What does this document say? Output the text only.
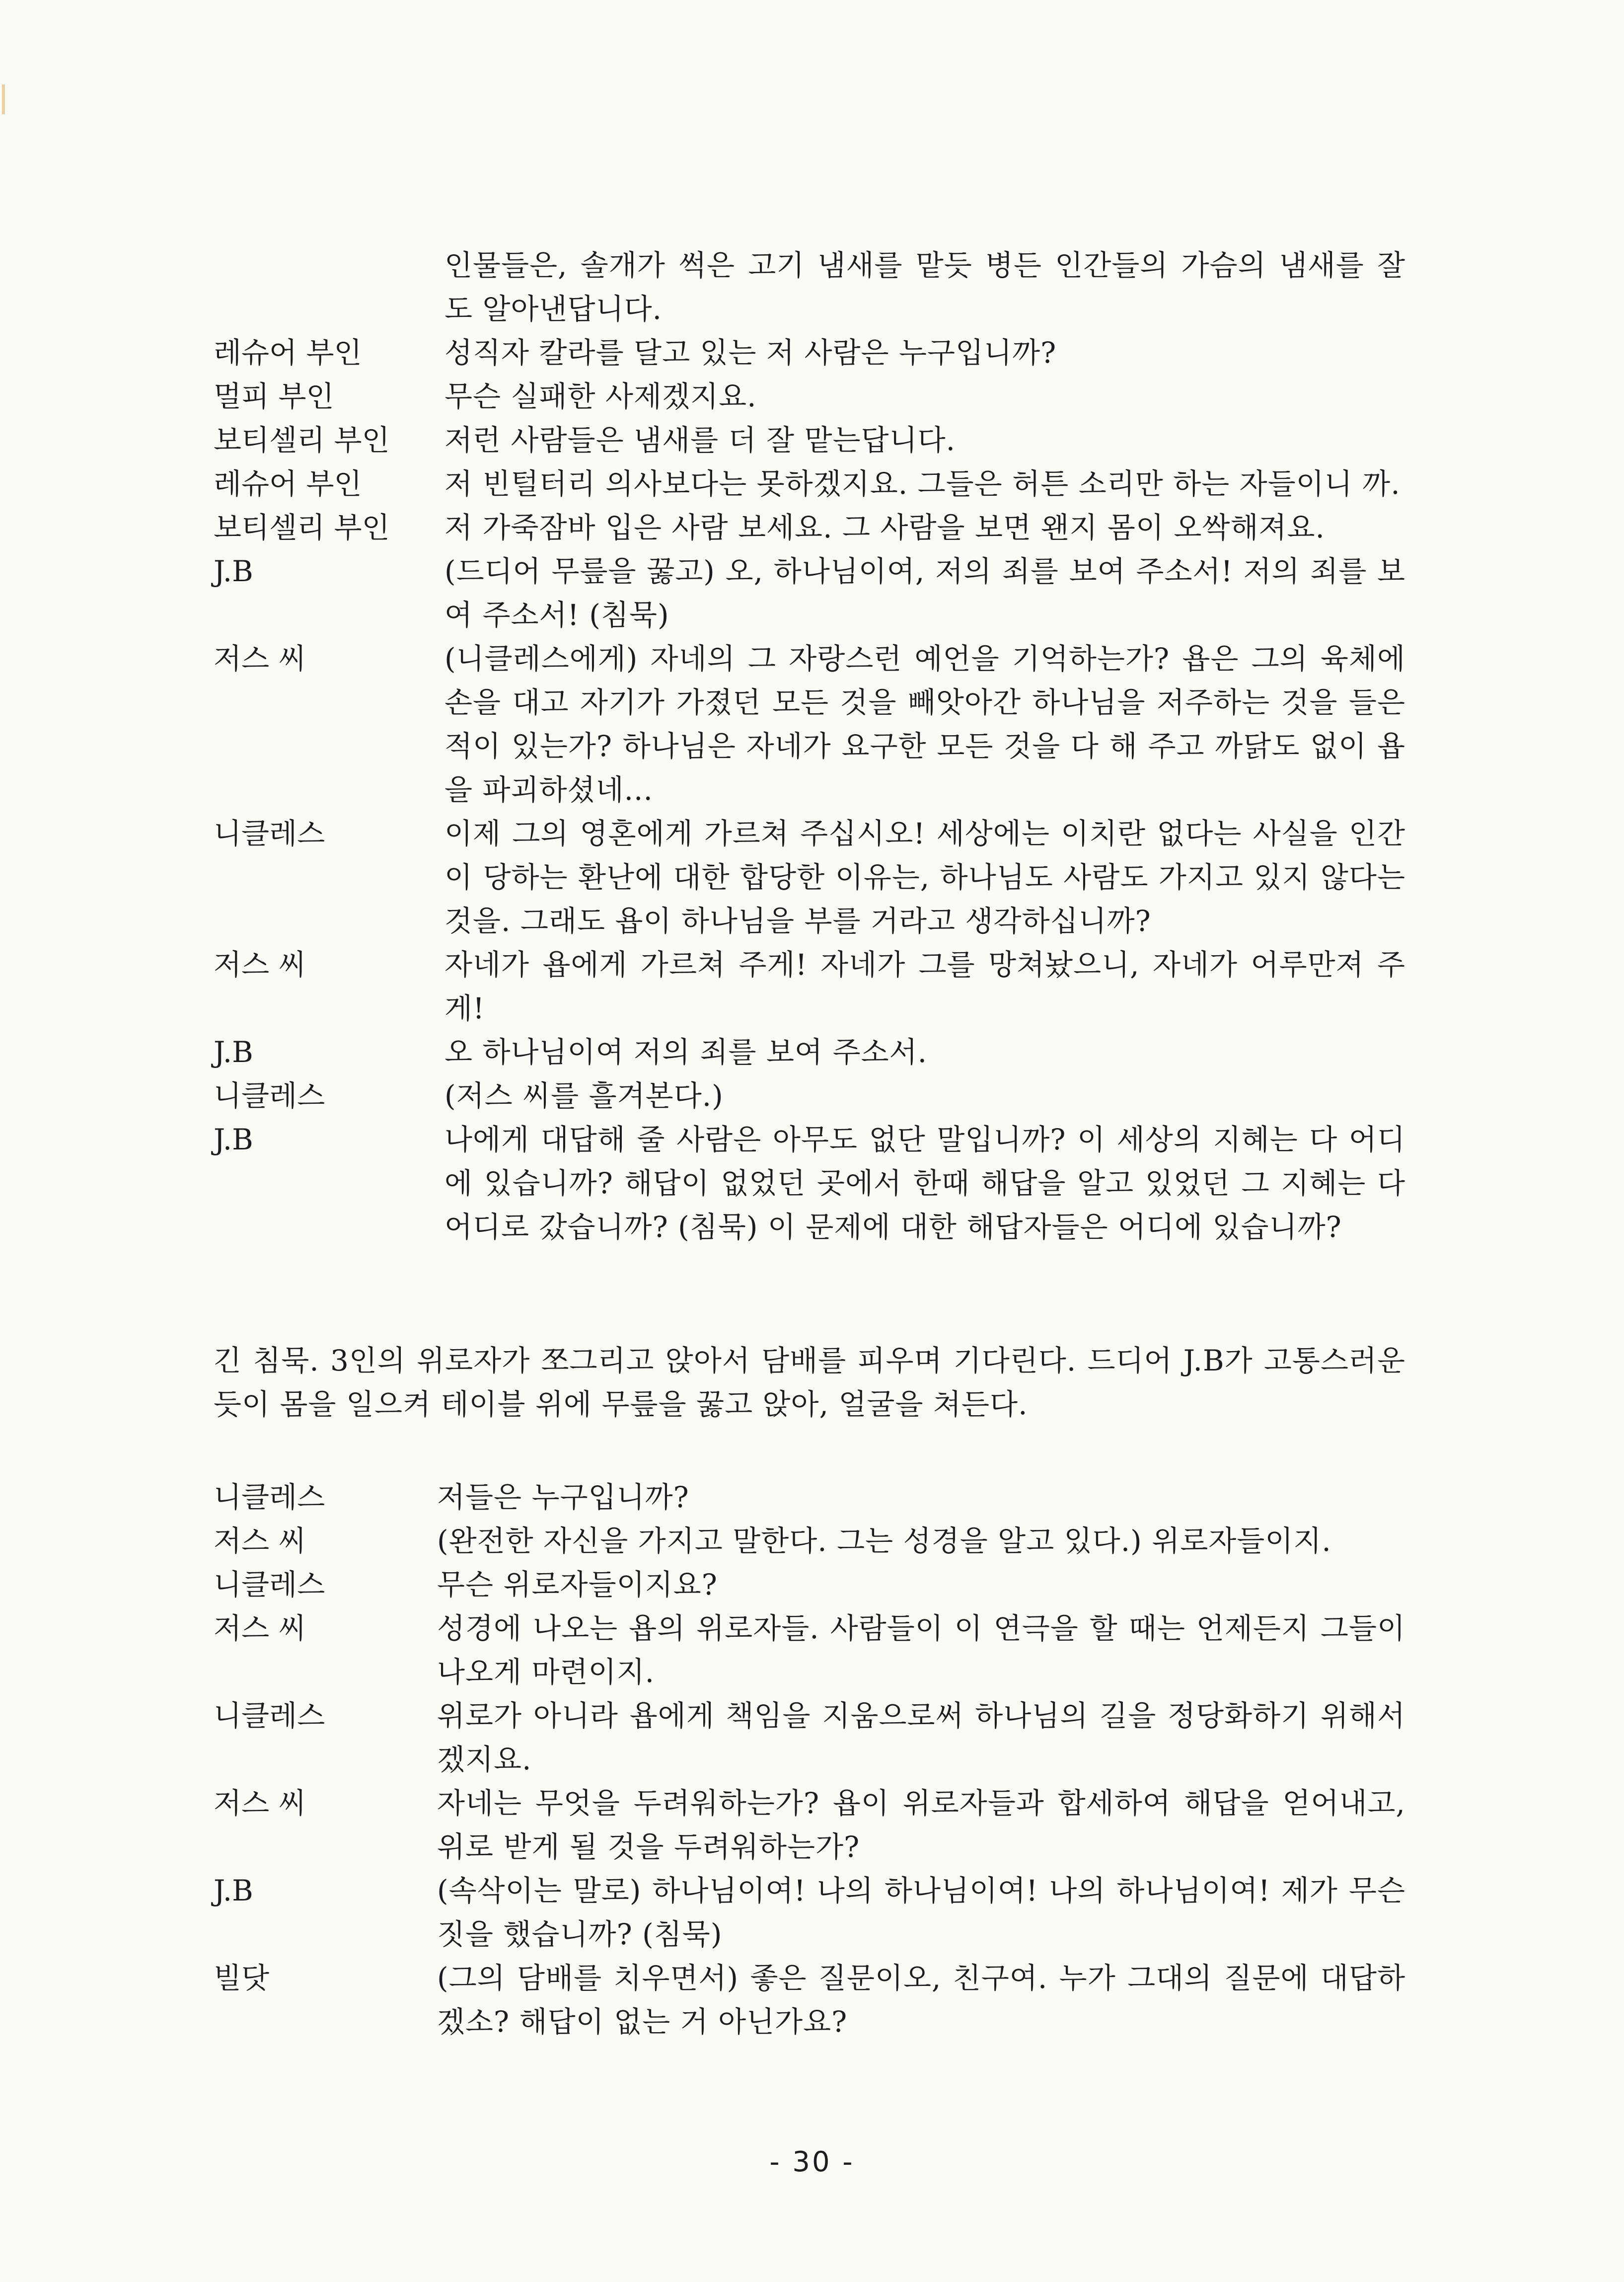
인물들은, 솔개가 썩은 고기 냄새를 맡듯 병든 인간들의 가슴의 냄새를 잘 도 알아낸답니다.
레슈어 부인	성직자 칼라를 달고 있는 저 사람은 누구입니까?
멀피 부인	무슨 실패한 사제겠지요.
보티셀리 부인	저런 사람들은 냄새를 더 잘 맡는답니다.
레슈어 부인	저 빈털터리 의사보다는 못하겠지요. 그들은 허튼 소리만 하는 자들이니 까.
보티셀리 부인	저 가죽잠바 입은 사람 보세요. 그 사람을 보면 왠지 몸이 오싹해져요.
J.B	(드디어 무릎을 꿇고) 오, 하나님이여, 저의 죄를 보여 주소서! 저의 죄를 보여 주소서! (침묵)
저스 씨	(니클레스에게) 자네의 그 자랑스런 예언을 기억하는가? 욥은 그의 육체에 손을 대고 자기가 가졌던 모든 것을 빼앗아간 하나님을 저주하는 것을 들은 적이 있는가? 하나님은 자네가 요구한 모든 것을 다 해 주고 까닭도 없이 욥을 파괴하셨네...
니클레스	이제 그의 영혼에게 가르쳐 주십시오! 세상에는 이치란 없다는 사실을 인간이 당하는 환난에 대한 합당한 이유는, 하나님도 사람도 가지고 있지 않다는 것을. 그래도 욥이 하나님을 부를 거라고 생각하십니까?
저스 씨	자네가 욥에게 가르쳐 주게! 자네가 그를 망쳐놨으니, 자네가 어루만져 주게!
J.B	오 하나님이여 저의 죄를 보여 주소서.
니클레스	(저스 씨를 흘겨본다.)
J.B	나에게 대답해 줄 사람은 아무도 없단 말입니까? 이 세상의 지혜는 다 어디에 있습니까? 해답이 없었던 곳에서 한때 해답을 알고 있었던 그 지혜는 다 어디로 갔습니까? (침묵) 이 문제에 대한 해답자들은 어디에 있습니까?
긴 침묵. 3인의 위로자가 쪼그리고 앉아서 담배를 피우며 기다린다. 드디어 J.B가 고통스러운 듯이 몸을 일으켜 테이블 위에 무릎을 꿇고 앉아, 얼굴을 쳐든다.
니클레스	저들은 누구입니까?
저스 씨	(완전한 자신을 가지고 말한다. 그는 성경을 알고 있다.) 위로자들이지.
니클레스	무슨 위로자들이지요?
저스 씨	성경에 나오는 욥의 위로자들. 사람들이 이 연극을 할 때는 언제든지 그들이 나오게 마련이지.
니클레스	위로가 아니라 욥에게 책임을 지움으로써 하나님의 길을 정당화하기 위해서겠지요.
저스 씨	자네는 무엇을 두려워하는가? 욥이 위로자들과 합세하여 해답을 얻어내고, 위로 받게 될 것을 두려워하는가?
J.B	(속삭이는 말로) 하나님이여! 나의 하나님이여! 나의 하나님이여! 제가 무슨 짓을 했습니까? (침묵)
빌닷	(그의 담배를 치우면서) 좋은 질문이오, 친구여. 누가 그대의 질문에 대답하겠소? 해답이 없는 거 아닌가요?
- 30 -
